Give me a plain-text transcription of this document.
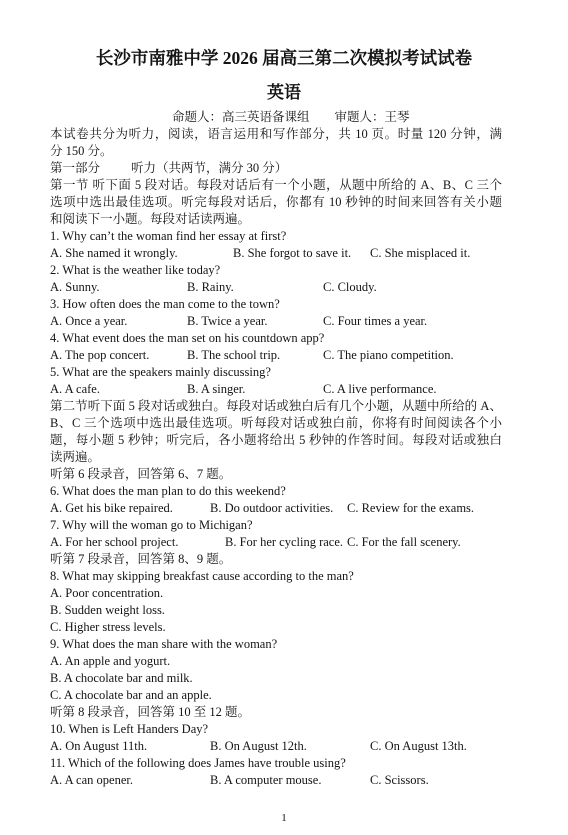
长沙市南雅中学 2026 届高三第二次模拟考试试卷
英语
命题人：高三英语备课组 审题人：王琴
本试卷共分为听力，阅读，语言运用和写作部分，共 10 页。时量 120 分钟，满
分 150 分。
第一部分 听力（共两节，满分 30 分）
第一节 听下面 5 段对话。每段对话后有一个小题，从题中所给的 A、B、C 三个
选项中选出最佳选项。听完每段对话后，你都有 10 秒钟的时间来回答有关小题
和阅读下一小题。每段对话读两遍。
1. Why can’t the woman find her essay at first?
A. She named it wrongly.	B. She forgot to save it. C. She misplaced it.
2. What is the weather like today?
A. Sunny.	B. Rainy.	C. Cloudy.
3. How often does the man come to the town?
A. Once a year.	B. Twice a year.	C. Four times a year.
4. What event does the man set on his countdown app?
A. The pop concert.	B. The school trip.	C. The piano competition.
5. What are the speakers mainly discussing?
A. A cafe.	B. A singer.	C. A live performance.
第二节听下面 5 段对话或独白。每段对话或独白后有几个小题，从题中所给的 A、
B、C 三个选项中选出最佳选项。听每段对话或独白前，你将有时间阅读各个小
题，每小题 5 秒钟；听完后，各小题将给出 5 秒钟的作答时间。每段对话或独白
读两遍。
听第 6 段录音，回答第 6、7 题。
6. What does the man plan to do this weekend?
A. Get his bike repaired.	B. Do outdoor activities. C. Review for the exams.
7. Why will the woman go to Michigan?
A. For her school project.	B. For her cycling race. C. For the fall scenery.
听第 7 段录音，回答第 8、9 题。
8. What may skipping breakfast cause according to the man?
A. Poor concentration.
B. Sudden weight loss.
C. Higher stress levels.
9. What does the man share with the woman?
A. An apple and yogurt.
B. A chocolate bar and milk.
C. A chocolate bar and an apple.
听第 8 段录音，回答第 10 至 12 题。
10. When is Left Handers Day?
A. On August 11th.	B. On August 12th.	C. On August 13th.
11. Which of the following does James have trouble using?
A. A can opener.	B. A computer mouse.	C. Scissors.
1
